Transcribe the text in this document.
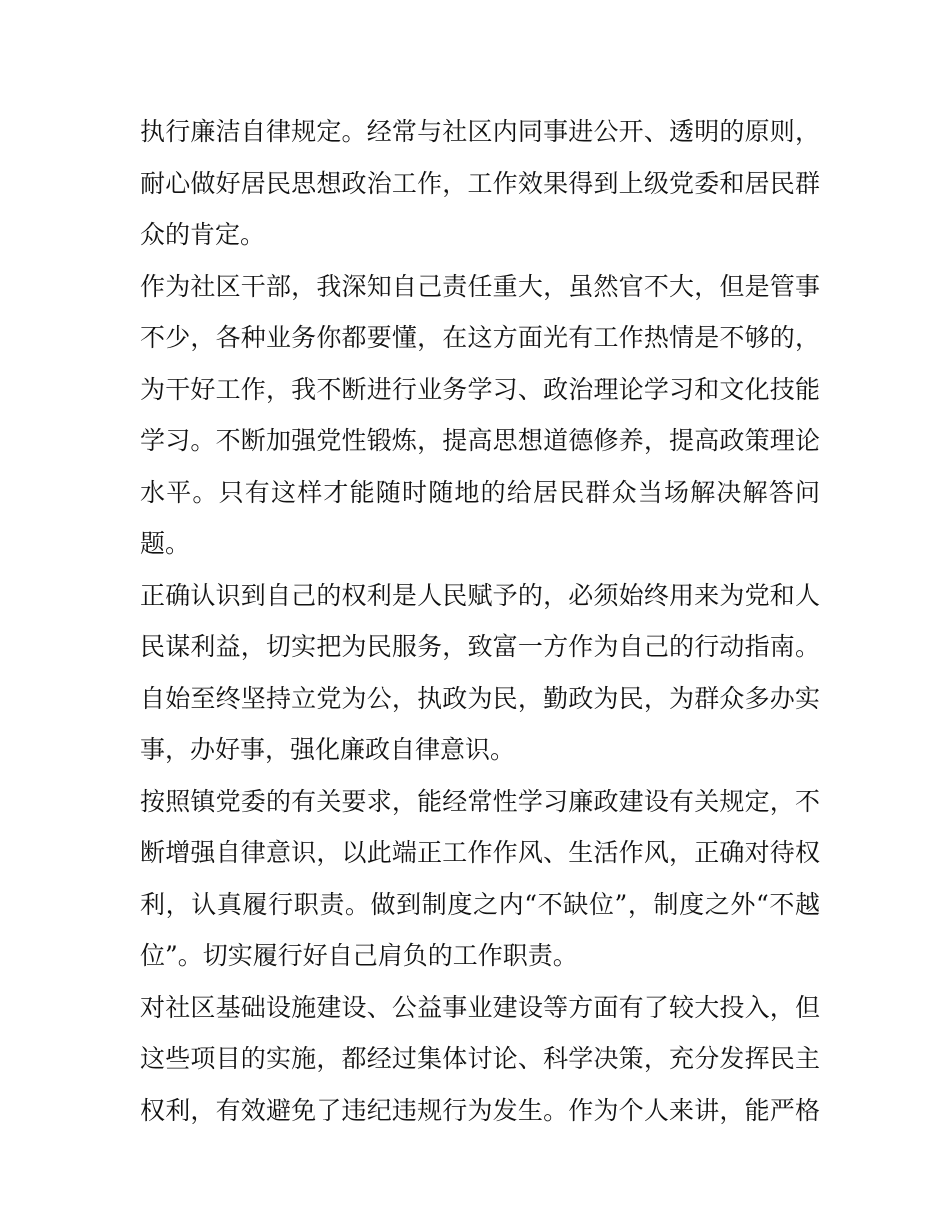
执行廉洁自律规定。经常与社区内同事进公开、透明的原则，
耐心做好居民思想政治工作，工作效果得到上级党委和居民群
众的肯定。
作为社区干部，我深知自己责任重大，虽然官不大，但是管事
不少，各种业务你都要懂，在这方面光有工作热情是不够的，
为干好工作，我不断进行业务学习、政治理论学习和文化技能
学习。不断加强党性锻炼，提高思想道德修养，提高政策理论
水平。只有这样才能随时随地的给居民群众当场解决解答问
题。
正确认识到自己的权利是人民赋予的，必须始终用来为党和人
民谋利益，切实把为民服务，致富一方作为自己的行动指南。
自始至终坚持立党为公，执政为民，勤政为民，为群众多办实
事，办好事，强化廉政自律意识。
按照镇党委的有关要求，能经常性学习廉政建设有关规定，不
断增强自律意识，以此端正工作作风、生活作风，正确对待权
利，认真履行职责。做到制度之内“不缺位”，制度之外“不越
位”。切实履行好自己肩负的工作职责。
对社区基础设施建设、公益事业建设等方面有了较大投入，但
这些项目的实施，都经过集体讨论、科学决策，充分发挥民主
权利，有效避免了违纪违规行为发生。作为个人来讲，能严格
